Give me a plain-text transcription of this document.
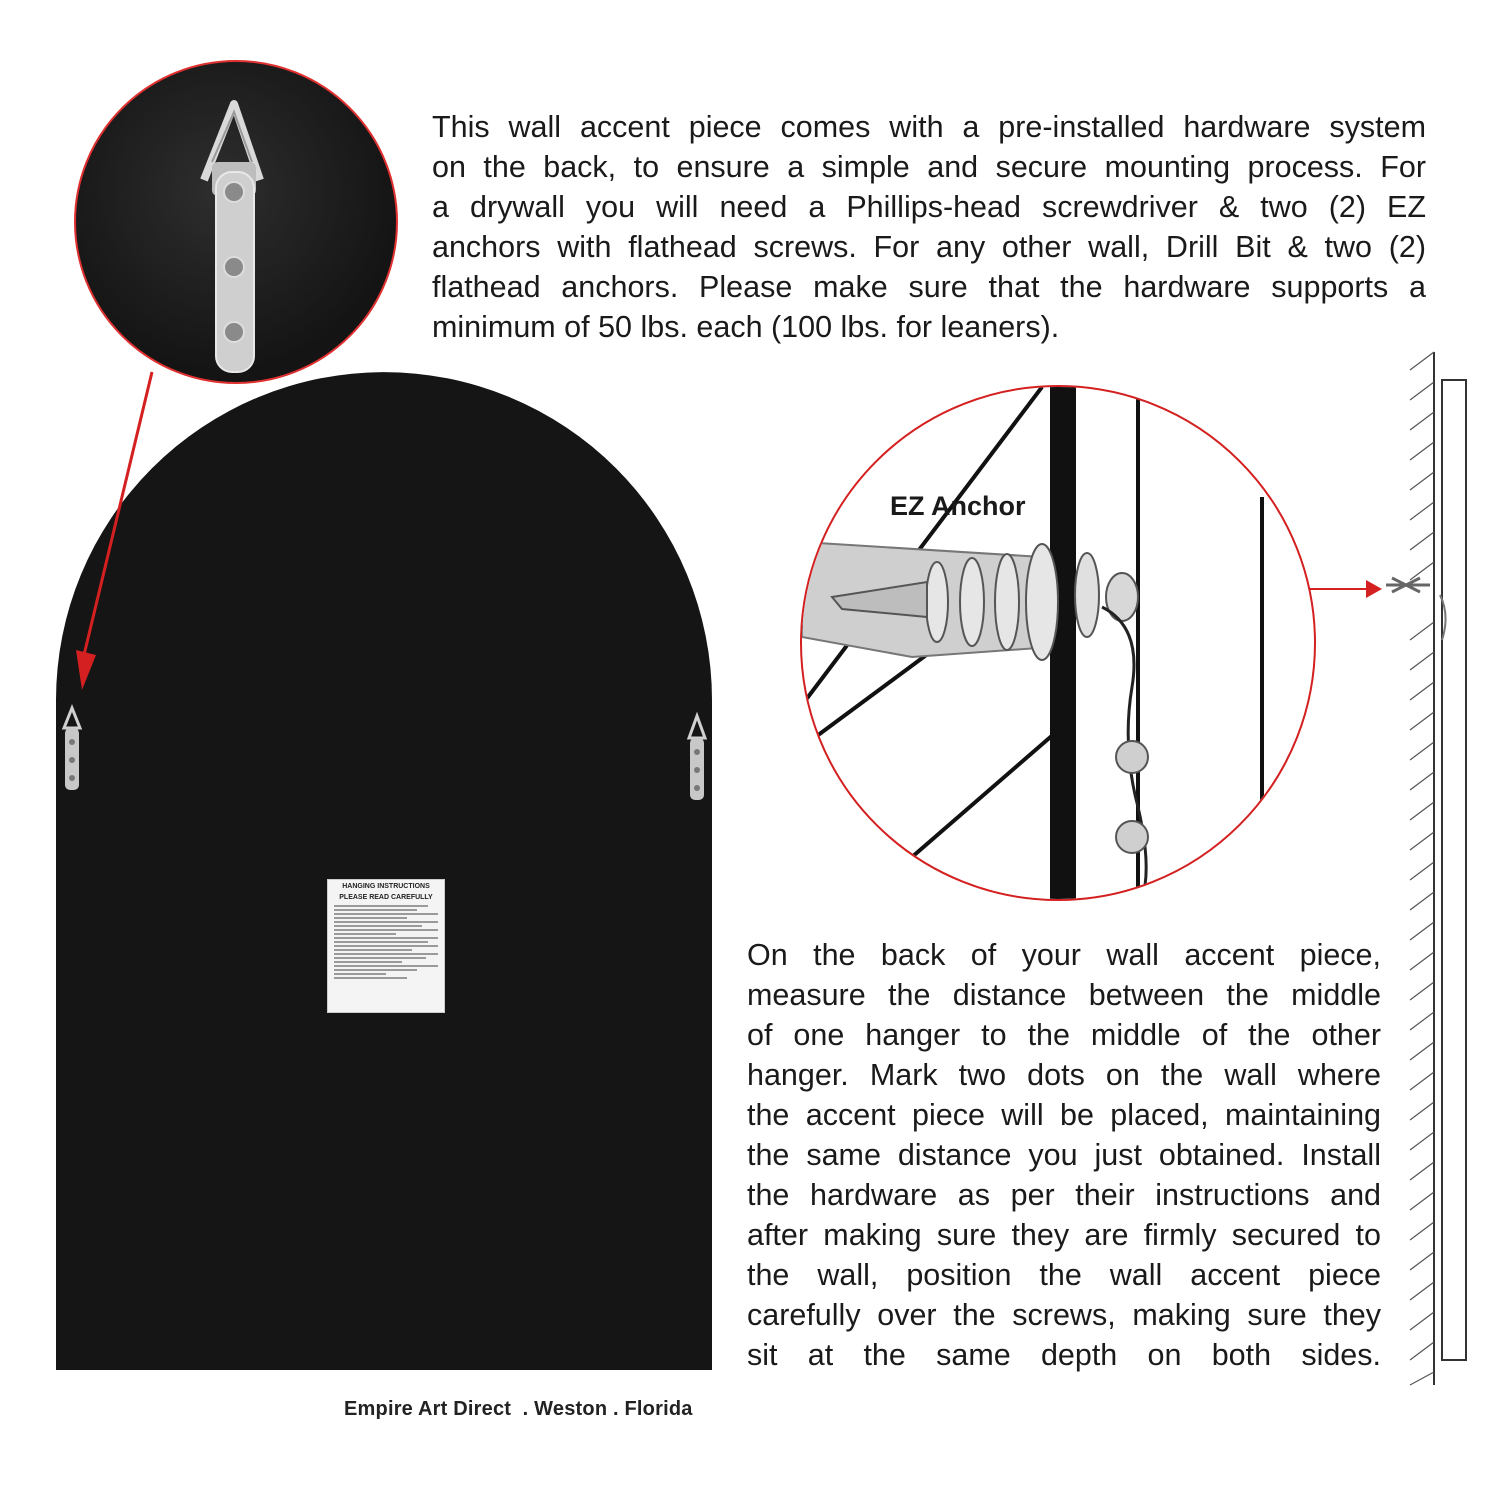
This wall accent piece comes with a pre-installed hardware system
on the back, to ensure a simple and secure mounting process. For
a drywall you will need a Phillips-head screwdriver & two (2) EZ
anchors with flathead screws. For any other wall, Drill Bit & two (2)
flathead anchors. Please make sure that the hardware supports a
minimum of 50 lbs. each (100 lbs. for leaners).
HANGING INSTRUCTIONS
PLEASE READ CAREFULLY
EZ Anchor
On the back of your wall accent piece,
measure the distance between the middle
of one hanger to the middle of the other
hanger. Mark two dots on the wall where
the accent piece will be placed, maintaining
the same distance you just obtained. Install
the hardware as per their instructions and
after making sure they are firmly secured to
the wall, position the wall accent piece
carefully over the screws, making sure they
sit at the same depth on both sides.
Empire Art Direct  . Weston . Florida
